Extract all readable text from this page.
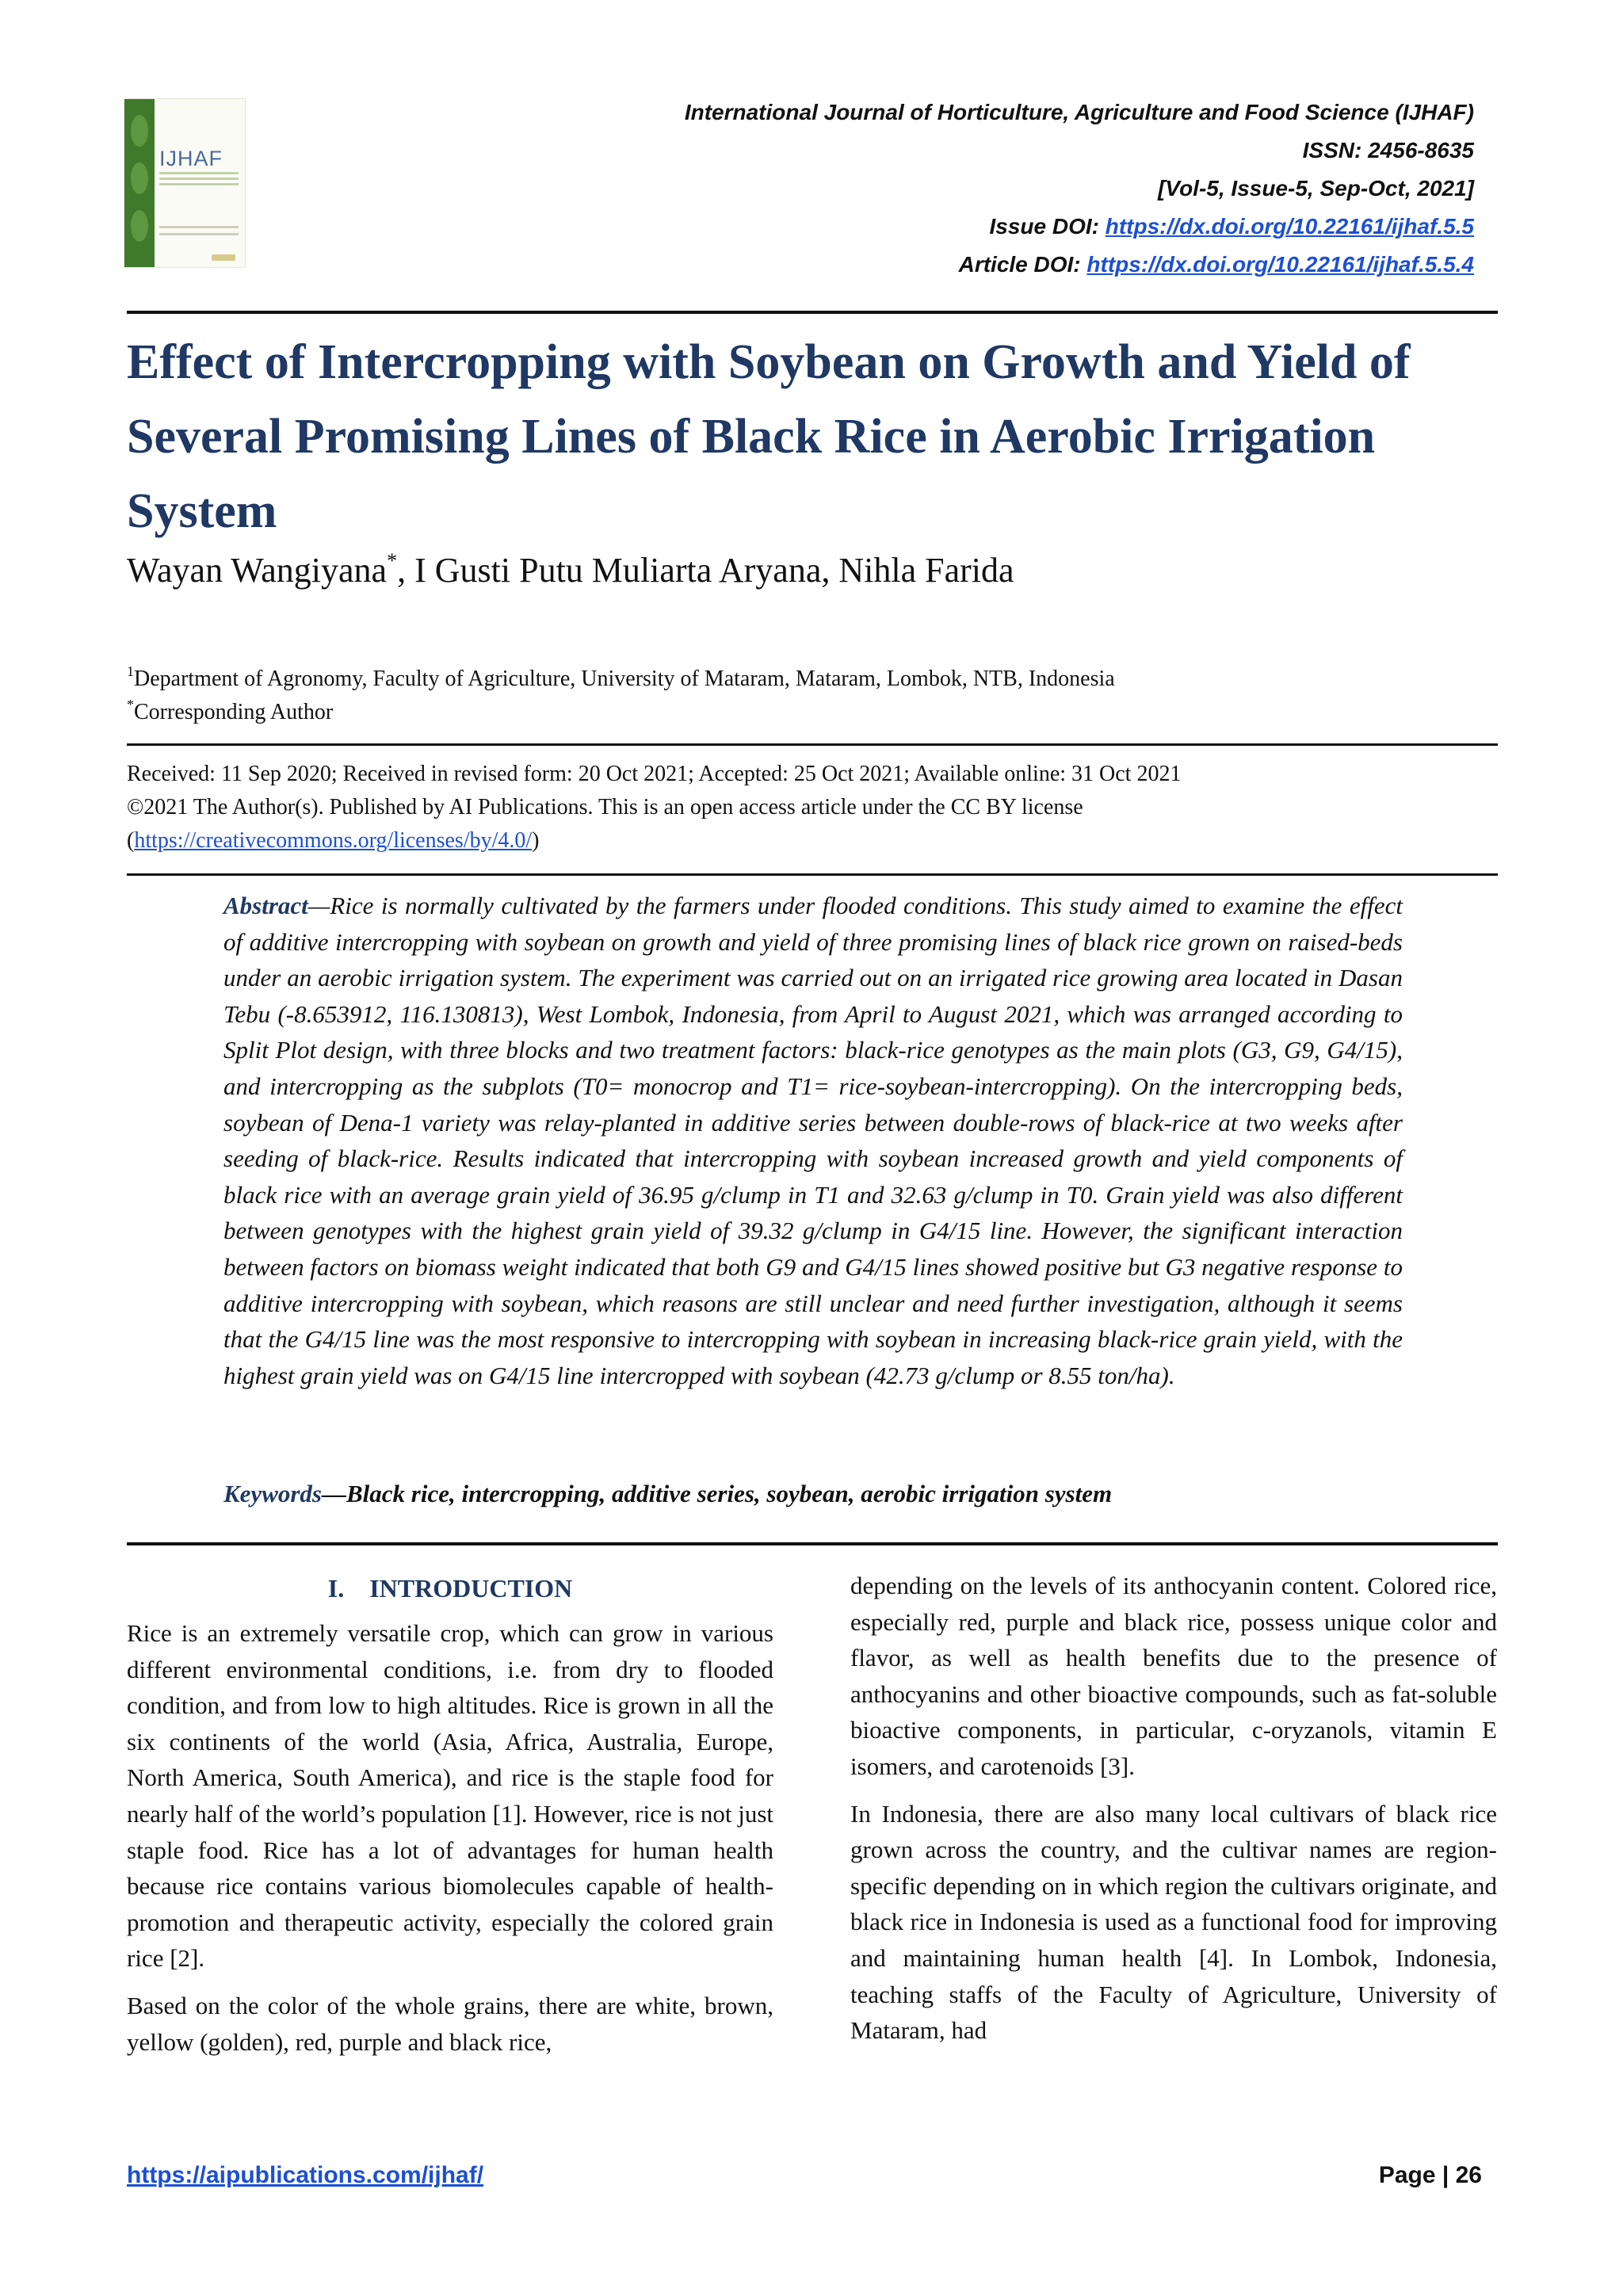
IJHAF
International Journal of Horticulture, Agriculture and Food Science (IJHAF)
ISSN: 2456-8635
[Vol-5, Issue-5, Sep-Oct, 2021]
Issue DOI: https://dx.doi.org/10.22161/ijhaf.5.5
Article DOI: https://dx.doi.org/10.22161/ijhaf.5.5.4
Effect of Intercropping with Soybean on Growth and Yield of Several Promising Lines of Black Rice in Aerobic Irrigation System
Wayan Wangiyana*, I Gusti Putu Muliarta Aryana, Nihla Farida
$^1$Department of Agronomy, Faculty of Agriculture, University of Mataram, Mataram, Lombok, NTB, Indonesia
*Corresponding Author
Received: 11 Sep 2020; Received in revised form: 20 Oct 2021; Accepted: 25 Oct 2021; Available online: 31 Oct 2021
©2021 The Author(s). Published by AI Publications. This is an open access article under the CC BY license
(https://creativecommons.org/licenses/by/4.0/)
Abstract—Rice is normally cultivated by the farmers under flooded conditions. This study aimed to examine the effect of additive intercropping with soybean on growth and yield of three promising lines of black rice grown on raised-beds under an aerobic irrigation system. The experiment was carried out on an irrigated rice growing area located in Dasan Tebu (-8.653912, 116.130813), West Lombok, Indonesia, from April to August 2021, which was arranged according to Split Plot design, with three blocks and two treatment factors: black-rice genotypes as the main plots (G3, G9, G4/15), and intercropping as the subplots (T0= monocrop and T1= rice-soybean-intercropping). On the intercropping beds, soybean of Dena-1 variety was relay-planted in additive series between double-rows of black-rice at two weeks after seeding of black-rice. Results indicated that intercropping with soybean increased growth and yield components of black rice with an average grain yield of 36.95 g/clump in T1 and 32.63 g/clump in T0. Grain yield was also different between genotypes with the highest grain yield of 39.32 g/clump in G4/15 line. However, the significant interaction between factors on biomass weight indicated that both G9 and G4/15 lines showed positive but G3 negative response to additive intercropping with soybean, which reasons are still unclear and need further investigation, although it seems that the G4/15 line was the most responsive to intercropping with soybean in increasing black-rice grain yield, with the highest grain yield was on G4/15 line intercropped with soybean (42.73 g/clump or 8.55 ton/ha).
Keywords—Black rice, intercropping, additive series, soybean, aerobic irrigation system
I. INTRODUCTION

Rice is an extremely versatile crop, which can grow in various different environmental conditions, i.e. from dry to flooded condition, and from low to high altitudes. Rice is grown in all the six continents of the world (Asia, Africa, Australia, Europe, North America, South America), and rice is the staple food for nearly half of the world’s population [1]. However, rice is not just staple food. Rice has a lot of advantages for human health because rice contains various biomolecules capable of health-promotion and therapeutic activity, especially the colored grain rice [2].

Based on the color of the whole grains, there are white, brown, yellow (golden), red, purple and black rice,

depending on the levels of its anthocyanin content. Colored rice, especially red, purple and black rice, possess unique color and flavor, as well as health benefits due to the presence of anthocyanins and other bioactive compounds, such as fat-soluble bioactive components, in particular, c-oryzanols, vitamin E isomers, and carotenoids [3].

In Indonesia, there are also many local cultivars of black rice grown across the country, and the cultivar names are region-specific depending on in which region the cultivars originate, and black rice in Indonesia is used as a functional food for improving and maintaining human health [4]. In Lombok, Indonesia, teaching staffs of the Faculty of Agriculture, University of Mataram, had

https://aipublications.com/ijhaf/	Page | 26
